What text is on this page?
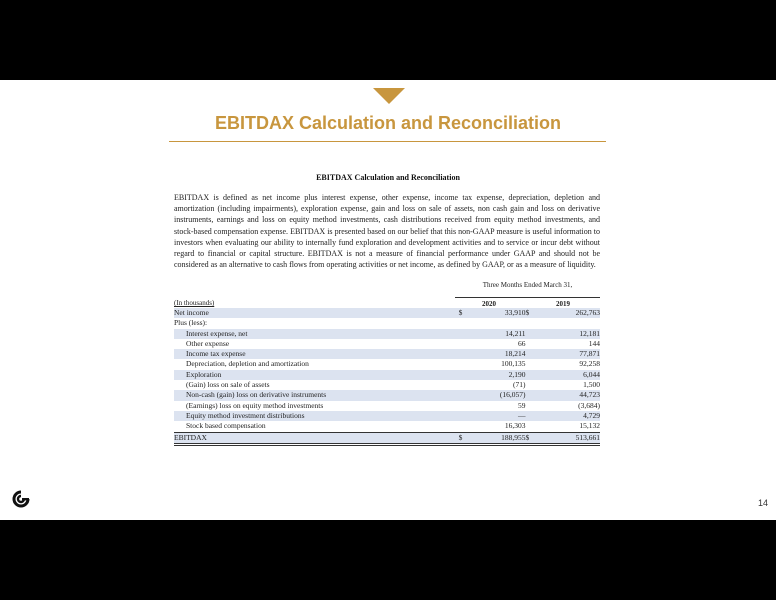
EBITDAX Calculation and Reconciliation
EBITDAX Calculation and Reconciliation
EBITDAX is defined as net income plus interest expense, other expense, income tax expense, depreciation, depletion and amortization (including impairments), exploration expense, gain and loss on sale of assets, non cash gain and loss on derivative instruments, earnings and loss on equity method investments, cash distributions received from equity method investments, and stock-based compensation expense. EBITDAX is presented based on our belief that this non-GAAP measure is useful information to investors when evaluating our ability to internally fund exploration and development activities and to service or incur debt without regard to financial or capital structure. EBITDAX is not a measure of financial performance under GAAP and should not be considered as an alternative to cash flows from operating activities or net income, as defined by GAAP, or as a measure of liquidity.
Three Months Ended March 31,
(In thousands)	2020	2019
Net income	$	33,910	$	262,763
Plus (less):				
Interest expense, net		14,211		12,181
Other expense		66		144
Income tax expense		18,214		77,871
Depreciation, depletion and amortization		100,135		92,258
Exploration		2,190		6,044
(Gain) loss on sale of assets		(71)		1,500
Non-cash (gain) loss on derivative instruments		(16,057)		44,723
(Earnings) loss on equity method investments		59		(3,684)
Equity method investment distributions		—		4,729
Stock based compensation		16,303		15,132
EBITDAX	$	188,955	$	513,661
14
